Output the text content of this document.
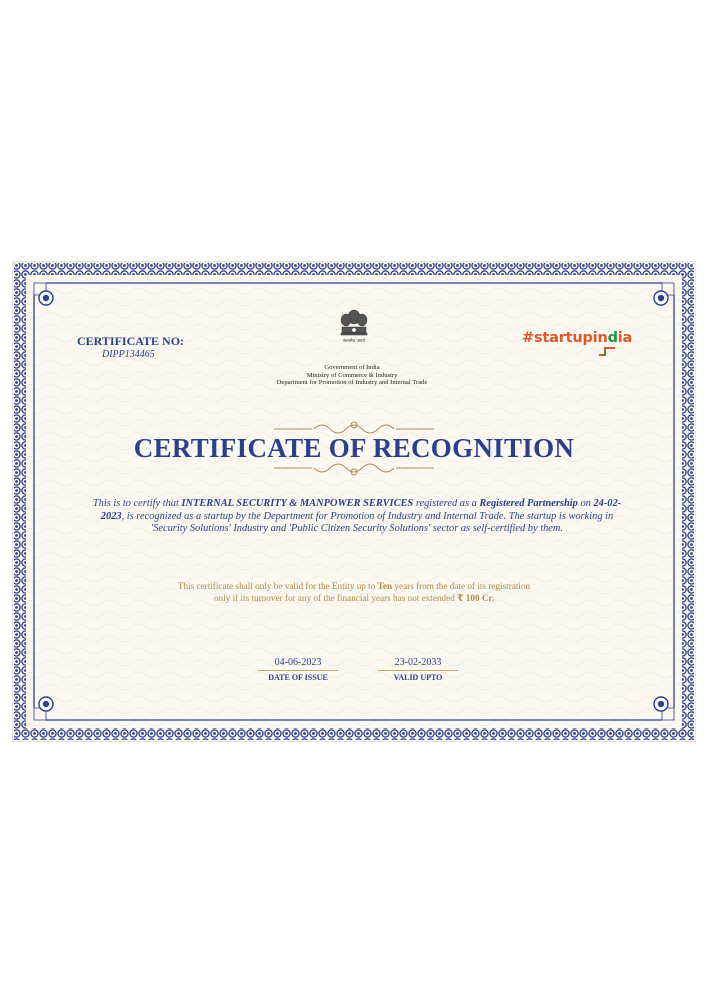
सत्यमेव जयते
CERTIFICATE NO:
DIPP134465
Government of India
Ministry of Commerce & Industry
Department for Promotion of Industry and Internal Trade
#startupindia
CERTIFICATE OF RECOGNITION
This is to certify that INTERNAL SECURITY & MANPOWER SERVICES registered as a Registered Partnership on 24-02-2023, is recognized as a startup by the Department for Promotion of Industry and Internal Trade. The startup is working in 'Security Solutions' Industry and 'Public Citizen Security Solutions' sector as self-certified by them.
This certificate shall only be valid for the Entity up to Ten years from the date of its registration
only if its turnover for any of the financial years has not extended ₹ 100 Cr.
04-06-2023
DATE OF ISSUE
23-02-2033
VALID UPTO
